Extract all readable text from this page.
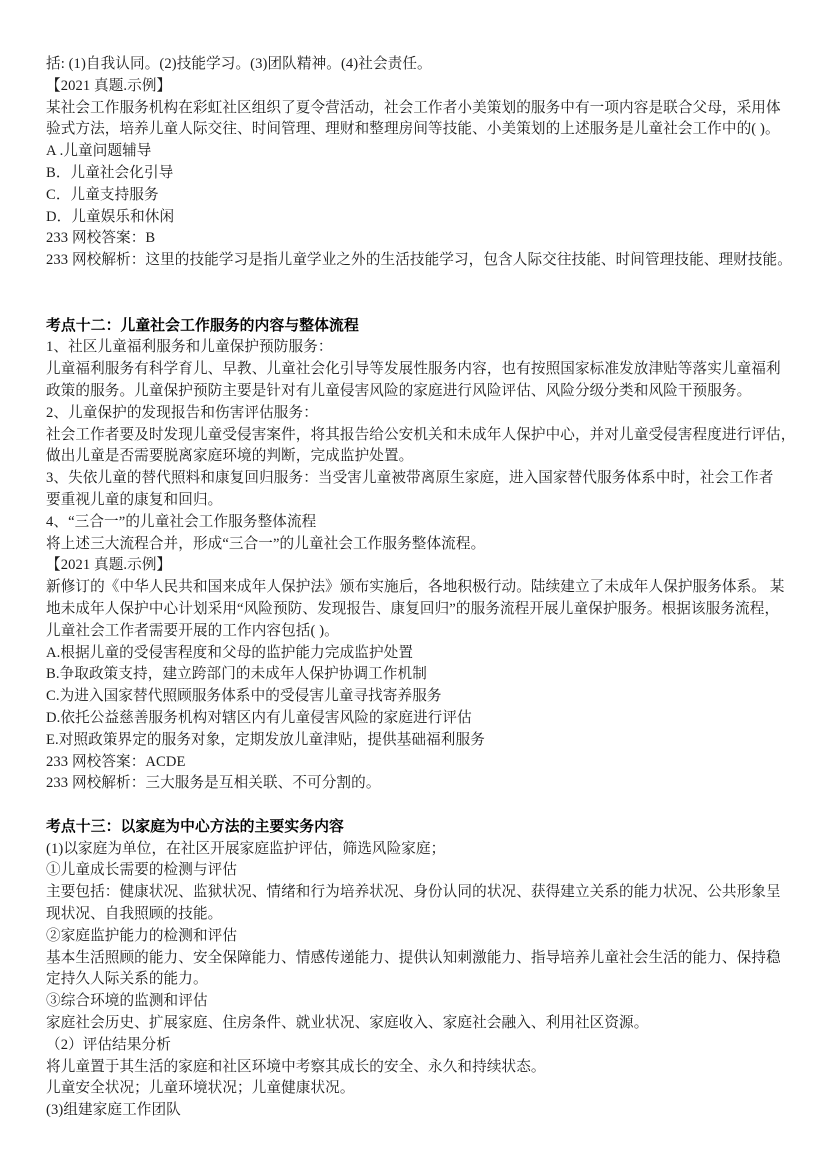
括: (1)自我认同。(2)技能学习。(3)团队精神。(4)社会责任。
【2021 真题.示例】
某社会工作服务机构在彩虹社区组织了夏令营活动，社会工作者小美策划的服务中有一项内容是联合父母，采用体
验式方法，培养儿童人际交往、时间管理、理财和整理房间等技能、小美策划的上述服务是儿童社会工作中的( )。
A .儿童问题辅导
B．儿童社会化引导
C．儿童支持服务
D．儿童娱乐和休闲
233 网校答案：B
233 网校解析：这里的技能学习是指儿童学业之外的生活技能学习，包含人际交往技能、时间管理技能、理财技能。
考点十二：儿童社会工作服务的内容与整体流程
1、社区儿童福利服务和儿童保护预防服务：
儿童福利服务有科学育儿、早教、儿童社会化引导等发展性服务内容，也有按照国家标准发放津贴等落实儿童福利
政策的服务。儿童保护预防主要是针对有儿童侵害风险的家庭进行风险评估、风险分级分类和风险干预服务。
2、儿童保护的发现报告和伤害评估服务：
社会工作者要及时发现儿童受侵害案件，将其报告给公安机关和未成年人保护中心，并对儿童受侵害程度进行评估，
做出儿童是否需要脱离家庭环境的判断，完成监护处置。
3、失依儿童的替代照料和康复回归服务：当受害儿童被带离原生家庭，进入国家替代服务体系中时，社会工作者
要重视儿童的康复和回归。
4、“三合一”的儿童社会工作服务整体流程
将上述三大流程合并，形成“三合一”的儿童社会工作服务整体流程。
【2021 真题.示例】
新修订的《中华人民共和国来成年人保护法》颁布实施后，各地积极行动。陆续建立了未成年人保护服务体系。 某
地未成年人保护中心计划采用“风险预防、发现报告、康复回归”的服务流程开展儿童保护服务。根据该服务流程，
儿童社会工作者需要开展的工作内容包括( )。
A.根据儿童的受侵害程度和父母的监护能力完成监护处置
B.争取政策支持，建立跨部门的未成年人保护协调工作机制
C.为进入国家替代照顾服务体系中的受侵害儿童寻找寄养服务
D.依托公益慈善服务机构对辖区内有儿童侵害风险的家庭进行评估
E.对照政策界定的服务对象，定期发放儿童津贴，提供基础福利服务
233 网校答案：ACDE
233 网校解析：三大服务是互相关联、不可分割的。
考点十三：以家庭为中心方法的主要实务内容
(1)以家庭为单位，在社区开展家庭监护评估，筛选风险家庭；
①儿童成长需要的检测与评估
主要包括：健康状况、监狱状况、情绪和行为培养状况、身份认同的状况、获得建立关系的能力状况、公共形象呈
现状况、自我照顾的技能。
②家庭监护能力的检测和评估
基本生活照顾的能力、安全保障能力、情感传递能力、提供认知刺激能力、指导培养儿童社会生活的能力、保持稳
定持久人际关系的能力。
③综合环境的监测和评估
家庭社会历史、扩展家庭、住房条件、就业状况、家庭收入、家庭社会融入、利用社区资源。
（2）评估结果分析
将儿童置于其生活的家庭和社区环境中考察其成长的安全、永久和持续状态。
儿童安全状况；儿童环境状况；儿童健康状况。
(3)组建家庭工作团队
